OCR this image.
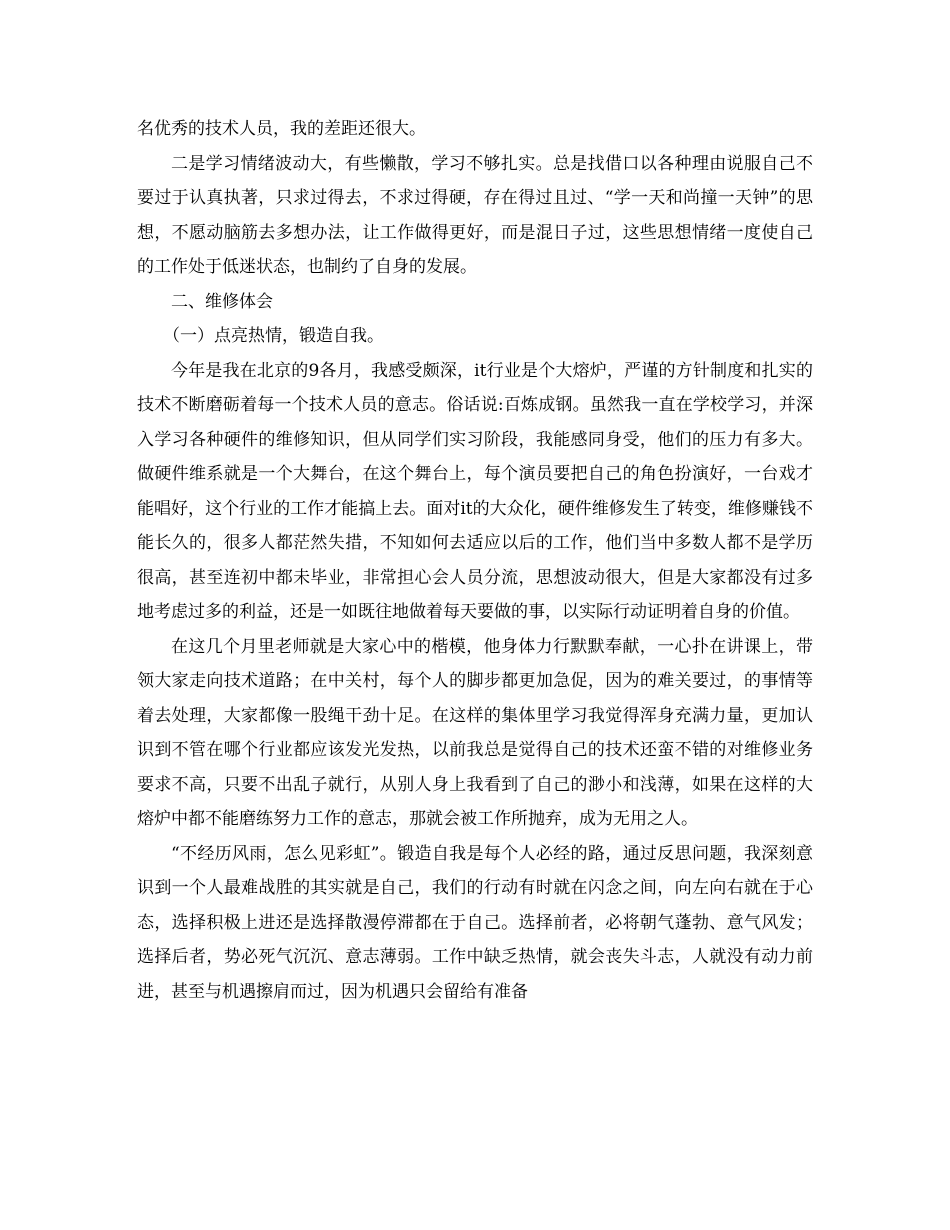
名优秀的技术人员，我的差距还很大。

二是学习情绪波动大，有些懒散，学习不够扎实。总是找借口以各种理由说服自己不要过于认真执著，只求过得去，不求过得硬，存在得过且过、“学一天和尚撞一天钟”的思想，不愿动脑筋去多想办法，让工作做得更好，而是混日子过，这些思想情绪一度使自己的工作处于低迷状态，也制约了自身的发展。

二、维修体会

（一）点亮热情，锻造自我。

今年是我在北京的9各月，我感受颇深，it行业是个大熔炉，严谨的方针制度和扎实的技术不断磨砺着每一个技术人员的意志。俗话说:百炼成钢。虽然我一直在学校学习，并深入学习各种硬件的维修知识，但从同学们实习阶段，我能感同身受，他们的压力有多大。做硬件维系就是一个大舞台，在这个舞台上，每个演员要把自己的角色扮演好，一台戏才能唱好，这个行业的工作才能搞上去。面对it的大众化，硬件维修发生了转变，维修赚钱不能长久的，很多人都茫然失措，不知如何去适应以后的工作，他们当中多数人都不是学历很高，甚至连初中都未毕业，非常担心会人员分流，思想波动很大，但是大家都没有过多地考虑过多的利益，还是一如既往地做着每天要做的事，以实际行动证明着自身的价值。

在这几个月里老师就是大家心中的楷模，他身体力行默默奉献，一心扑在讲课上，带领大家走向技术道路；在中关村，每个人的脚步都更加急促，因为的难关要过，的事情等着去处理，大家都像一股绳干劲十足。在这样的集体里学习我觉得浑身充满力量，更加认识到不管在哪个行业都应该发光发热，以前我总是觉得自己的技术还蛮不错的对维修业务要求不高，只要不出乱子就行，从别人身上我看到了自己的渺小和浅薄，如果在这样的大熔炉中都不能磨练努力工作的意志，那就会被工作所抛弃，成为无用之人。

“不经历风雨，怎么见彩虹”。锻造自我是每个人必经的路，通过反思问题，我深刻意识到一个人最难战胜的其实就是自己，我们的行动有时就在闪念之间，向左向右就在于心态，选择积极上进还是选择散漫停滞都在于自己。选择前者，必将朝气蓬勃、意气风发；选择后者，势必死气沉沉、意志薄弱。工作中缺乏热情，就会丧失斗志，人就没有动力前进，甚至与机遇擦肩而过，因为机遇只会留给有准备
